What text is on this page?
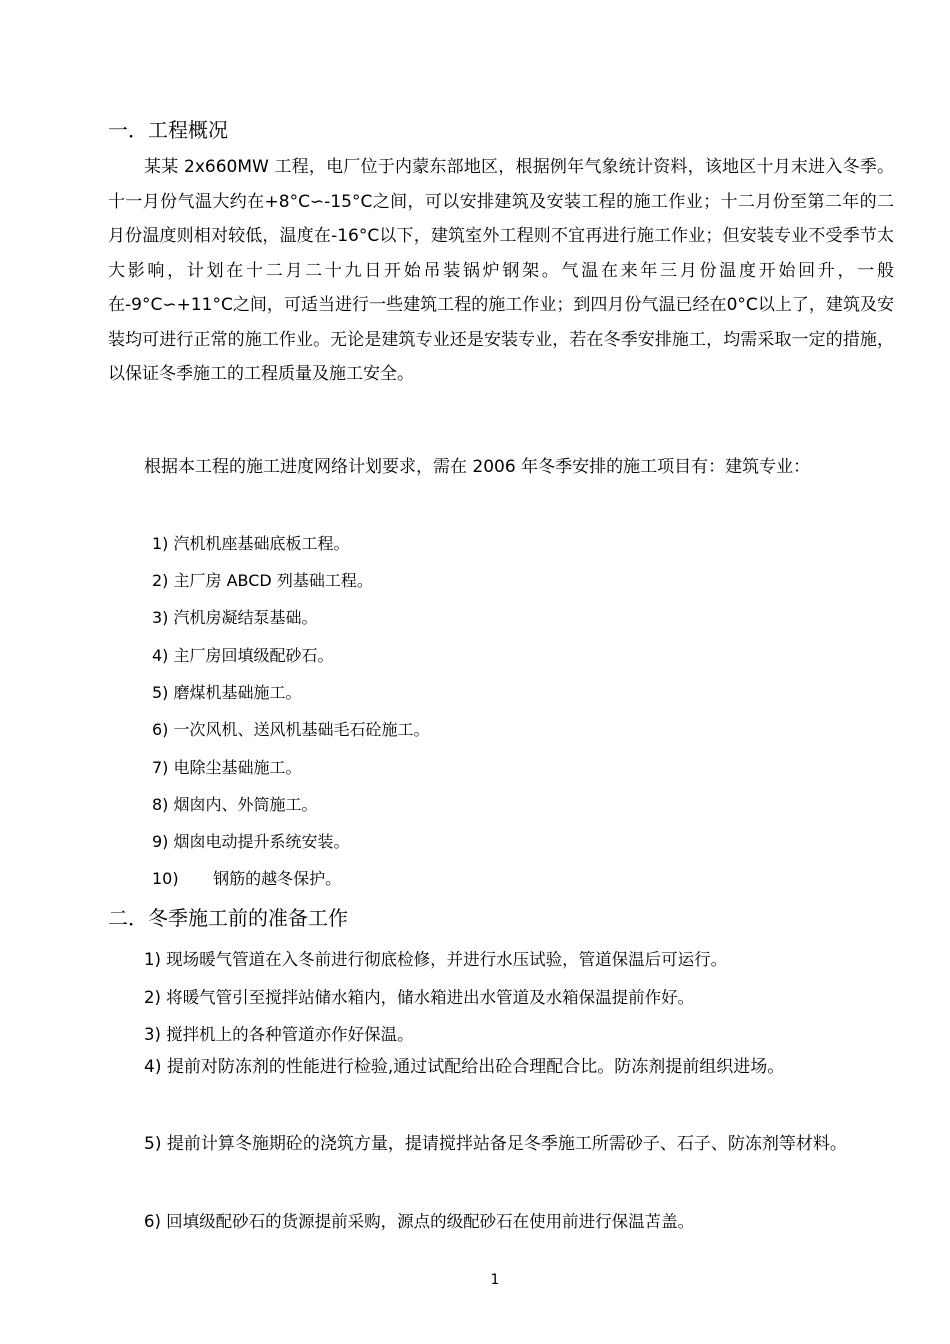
一．工程概况

某某 2x660MW 工程，电厂位于内蒙东部地区，根据例年气象统计资料，该地区十月末进入冬季。十一月份气温大约在+8°C∽-15°C之间，可以安排建筑及安装工程的施工作业；十二月份至第二年的二月份温度则相对较低，温度在-16°C以下，建筑室外工程则不宜再进行施工作业；但安装专业不受季节太大影响，计划在十二月二十九日开始吊装锅炉钢架。气温在来年三月份温度开始回升，一般在-9°C∽+11°C之间，可适当进行一些建筑工程的施工作业；到四月份气温已经在0°C以上了，建筑及安装均可进行正常的施工作业。无论是建筑专业还是安装专业，若在冬季安排施工，均需采取一定的措施，以保证冬季施工的工程质量及施工安全。

根据本工程的施工进度网络计划要求，需在 2006 年冬季安排的施工项目有：建筑专业：

1) 汽机机座基础底板工程。
2) 主厂房 ABCD 列基础工程。
3) 汽机房凝结泵基础。
4) 主厂房回填级配砂石。
5) 磨煤机基础施工。
6) 一次风机、送风机基础毛石砼施工。
7) 电除尘基础施工。
8) 烟囱内、外筒施工。
9) 烟囱电动提升系统安装。
10) 钢筋的越冬保护。
二．冬季施工前的准备工作
1) 现场暖气管道在入冬前进行彻底检修，并进行水压试验，管道保温后可运行。
2) 将暖气管引至搅拌站储水箱内，储水箱进出水管道及水箱保温提前作好。
3) 搅拌机上的各种管道亦作好保温。

4) 提前对防冻剂的性能进行检验,通过试配给出砼合理配合比。防冻剂提前组织进场。

5) 提前计算冬施期砼的浇筑方量，提请搅拌站备足冬季施工所需砂子、石子、防冻剂等材料。

6) 回填级配砂石的货源提前采购，源点的级配砂石在使用前进行保温苫盖。
1
